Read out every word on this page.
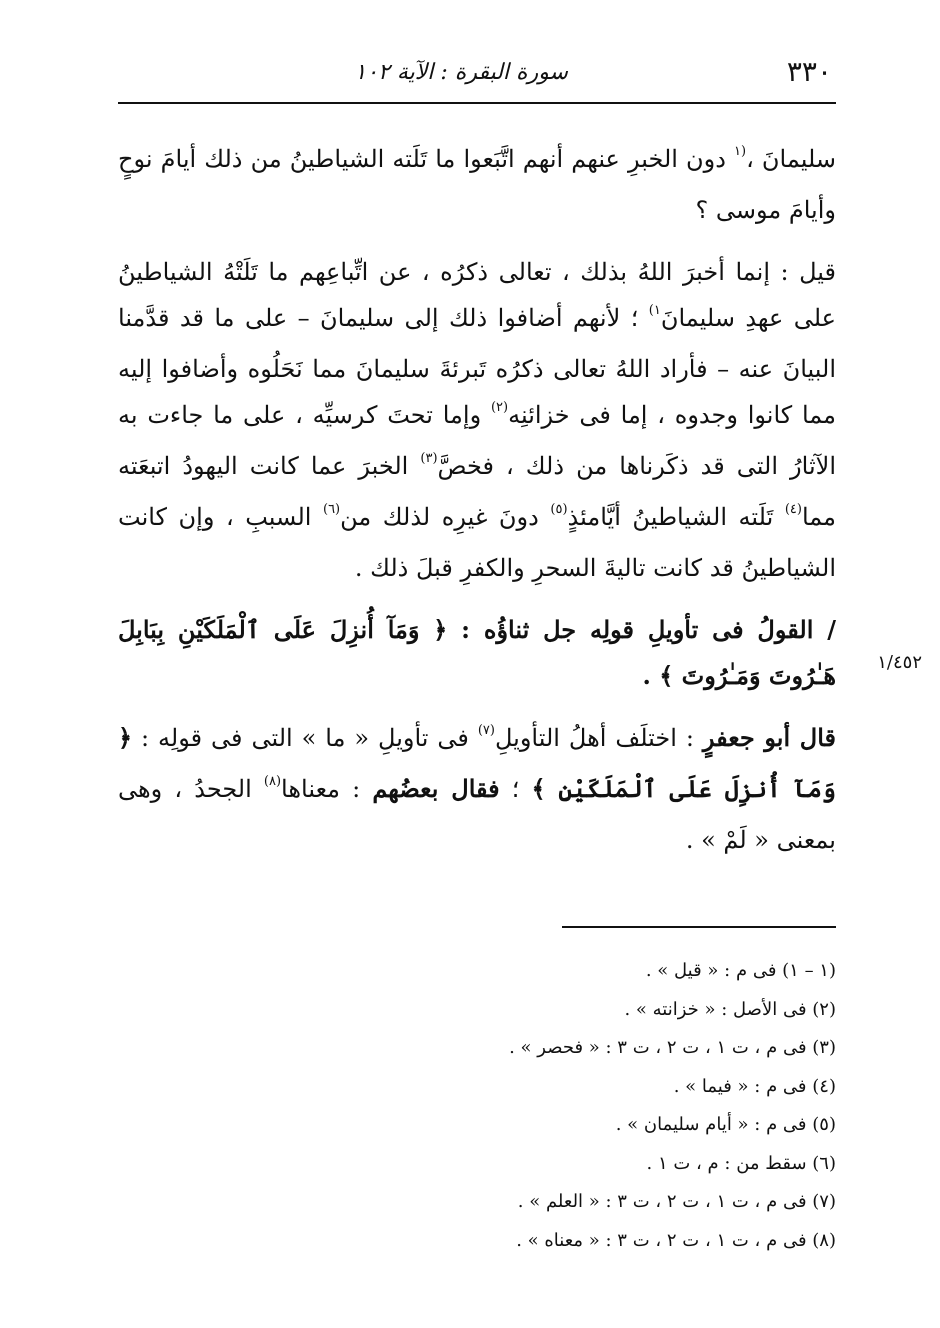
٣٣٠
سورة البقرة : الآية ١٠٢

سليمانَ ،$^{(١}$ دون الخبرِ عنهم أنهم اتَّبَعوا ما تَلَته الشياطينُ من ذلك أيامَ نوحٍ وأيامَ موسى ؟

قيل : إنما أخبرَ اللهُ بذلك ، تعالى ذكرُه ، عن اتِّباعِهم ما تَلَتْهُ الشياطينُ على عهدِ سليمانَ$^{١)}$ ؛ لأنهم أضافوا ذلك إلى سليمانَ – على ما قد قدَّمنا البيانَ عنه – فأراد اللهُ تعالى ذكرُه تَبرئةَ سليمانَ مما نَحَلُوه وأضافوا إليه مما كانوا وجدوه ، إما فى خزائنِه$^{(٢)}$ وإما تحتَ كرسيِّه ، على ما جاءت به الآثارُ التى قد ذكَرناها من ذلك ، فخصَّ$^{(٣)}$ الخبرَ عما كانت اليهودُ اتبعَته مما$^{(٤)}$ تَلَته الشياطينُ أيَّامئذٍ$^{(٥)}$ دونَ غيرِه لذلك من$^{(٦)}$ السببِ ، وإن كانت الشياطينُ قد كانت تاليةَ السحرِ والكفرِ قبلَ ذلك .

/ القولُ فى تأويلِ قولِه جل ثناؤُه : ﴿ وَمَآ أُنزِلَ عَلَى ٱلْمَلَكَيْنِ بِبَابِلَ هَـٰرُوتَ وَمَـٰرُوتَ ﴾ .

قال أبو جعفرٍ : اختلَف أهلُ التأويلِ$^{(٧)}$ فى تأويلِ « ما » التى فى قولِه : ﴿ وَمَآ أُنزِلَ عَلَى ٱلْمَلَكَيْنِ ﴾ ؛ فقال بعضُهم : معناها$^{(٨)}$ الجحدُ ، وهى بمعنى « لَمْ » .

١/٤٥٢
(١ – ١) فى م : « قيل » .
(٢) فى الأصل : « خزانته » .
(٣) فى م ، ت ١ ، ت ٢ ، ت ٣ : « فحصر » .
(٤) فى م : « فيما » .
(٥) فى م : « أيام سليمان » .
(٦) سقط من : م ، ت ١ .
(٧) فى م ، ت ١ ، ت ٢ ، ت ٣ : « العلم » .
(٨) فى م ، ت ١ ، ت ٢ ، ت ٣ : « معناه » .
